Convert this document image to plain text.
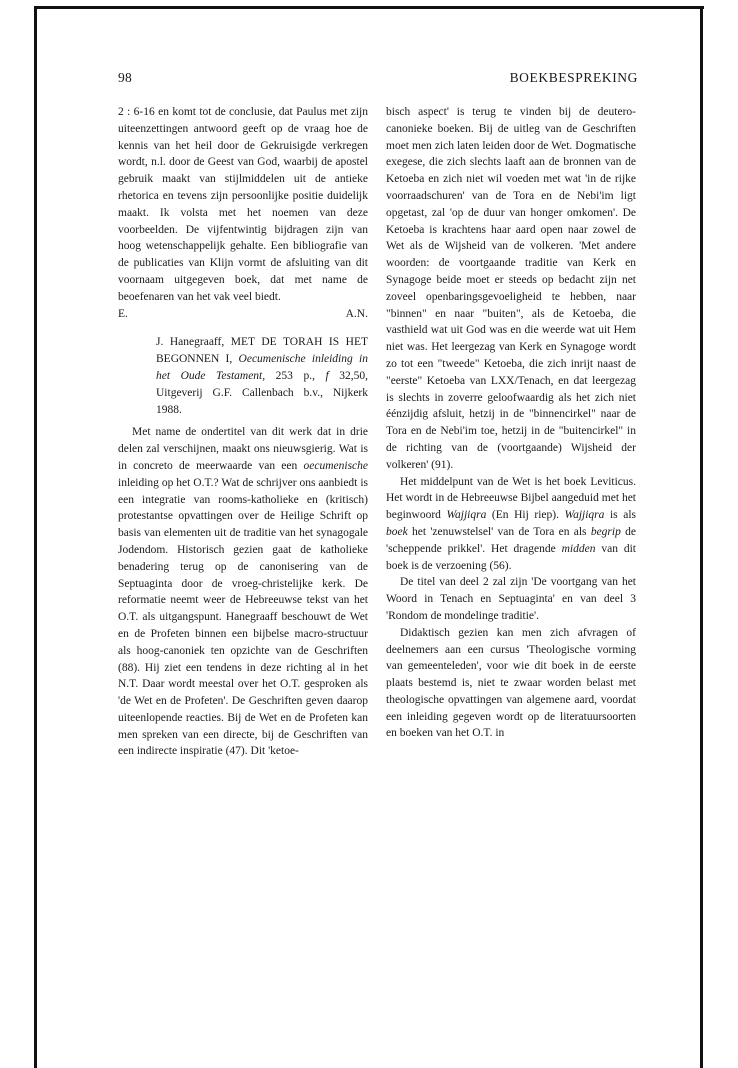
98	BOEKBESPREKING

2 : 6-16 en komt tot de conclusie, dat Paulus met zijn uiteenzettingen antwoord geeft op de vraag hoe de kennis van het heil door de Gekruisigde verkregen wordt, n.l. door de Geest van God, waarbij de apostel gebruik maakt van stijlmiddelen uit de antieke rhetorica en tevens zijn persoonlijke positie duidelijk maakt. Ik volsta met het noemen van deze voorbeelden. De vijfentwintig bijdragen zijn van hoog wetenschappelijk gehalte. Een bibliografie van de publicaties van Klijn vormt de afsluiting van dit voornaam uitgegeven boek, dat met name de beoefenaren van het vak veel biedt.

E.	A.N.

J. Hanegraaff, MET DE TORAH IS HET BEGONNEN I, Oecumenische inleiding in het Oude Testament, 253 p., f 32,50, Uitgeverij G.F. Callenbach b.v., Nijkerk 1988.

Met name de ondertitel van dit werk dat in drie delen zal verschijnen, maakt ons nieuwsgierig. Wat is in concreto de meerwaarde van een oecumenische inleiding op het O.T.? Wat de schrijver ons aanbiedt is een integratie van rooms-katholieke en (kritisch) protestantse opvattingen over de Heilige Schrift op basis van elementen uit de traditie van het synagogale Jodendom. Historisch gezien gaat de katholieke benadering terug op de canonisering van de Septuaginta door de vroeg-christelijke kerk. De reformatie neemt weer de Hebreeuwse tekst van het O.T. als uitgangspunt. Hanegraaff beschouwt de Wet en de Profeten binnen een bijbelse macro-structuur als hoog-canoniek ten opzichte van de Geschriften (88). Hij ziet een tendens in deze richting al in het N.T. Daar wordt meestal over het O.T. gesproken als 'de Wet en de Profeten'. De Geschriften geven daarop uiteenlopende reacties. Bij de Wet en de Profeten kan men spreken van een directe, bij de Geschriften van een indirecte inspiratie (47). Dit 'ketoe-

bisch aspect' is terug te vinden bij de deutero-canonieke boeken. Bij de uitleg van de Geschriften moet men zich laten leiden door de Wet. Dogmatische exegese, die zich slechts laaft aan de bronnen van de Ketoeba en zich niet wil voeden met wat 'in de rijke voorraadschuren' van de Tora en de Nebi'im ligt opgetast, zal 'op de duur van honger omkomen'. De Ketoeba is krachtens haar aard open naar zowel de Wet als de Wijsheid van de volkeren. 'Met andere woorden: de voortgaande traditie van Kerk en Synagoge beide moet er steeds op bedacht zijn net zoveel openbaringsgevoeligheid te hebben, naar "binnen" en naar "buiten", als de Ketoeba, die vasthield wat uit God was en die weerde wat uit Hem niet was. Het leergezag van Kerk en Synagoge wordt zo tot een "tweede" Ketoeba, die zich inrijt naast de "eerste" Ketoeba van LXX/Tenach, en dat leergezag is slechts in zoverre geloofwaardig als het zich niet éénzijdig afsluit, hetzij in de "binnencirkel" naar de Tora en de Nebi'im toe, hetzij in de "buitencirkel" in de richting van de (voortgaande) Wijsheid der volkeren' (91).

Het middelpunt van de Wet is het boek Leviticus. Het wordt in de Hebreeuwse Bijbel aangeduid met het beginwoord Wajjiqra (En Hij riep). Wajjiqra is als boek het 'zenuwstelsel' van de Tora en als begrip de 'scheppende prikkel'. Het dragende midden van dit boek is de verzoening (56).

De titel van deel 2 zal zijn 'De voortgang van het Woord in Tenach en Septuaginta' en van deel 3 'Rondom de mondelinge traditie'.

Didaktisch gezien kan men zich afvragen of deelnemers aan een cursus 'Theologische vorming van gemeenteleden', voor wie dit boek in de eerste plaats bestemd is, niet te zwaar worden belast met theologische opvattingen van algemene aard, voordat een inleiding gegeven wordt op de literatuursoorten en boeken van het O.T. in
